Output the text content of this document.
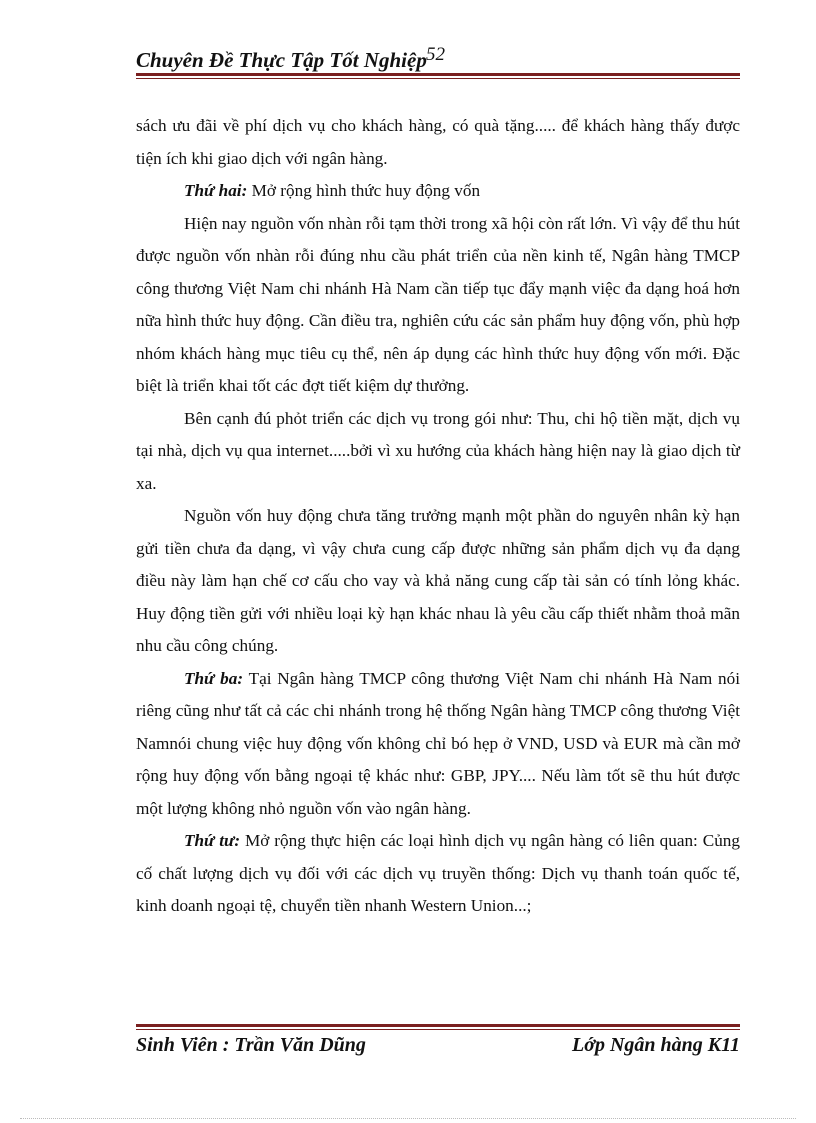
Chuyên Đề Thực Tập Tốt Nghiệp 52

sách ưu đãi về phí dịch vụ cho khách hàng, có quà tặng..... để khách hàng thấy được tiện ích khi giao dịch với ngân hàng.

Thứ hai: Mở rộng hình thức huy động vốn

Hiện nay nguồn vốn nhàn rỗi tạm thời trong xã hội còn rất lớn. Vì vậy để thu hút được nguồn vốn nhàn rỗi đúng nhu cầu phát triển của nền kinh tế, Ngân hàng TMCP công thương Việt Nam chi nhánh Hà Nam cần tiếp tục đẩy mạnh việc đa dạng hoá hơn nữa hình thức huy động. Cần điều tra, nghiên cứu các sản phẩm huy động vốn, phù hợp nhóm khách hàng mục tiêu cụ thể, nên áp dụng các hình thức huy động vốn mới. Đặc biệt là triển khai tốt các đợt tiết kiệm dự thưởng.

Bên cạnh đú phỏt triển các dịch vụ trong gói như: Thu, chi hộ tiền mặt, dịch vụ tại nhà, dịch vụ qua internet.....bởi vì xu hướng của khách hàng hiện nay là giao dịch từ xa.

Nguồn vốn huy động chưa tăng trưởng mạnh một phần do nguyên nhân kỳ hạn gửi tiền chưa đa dạng, vì vậy chưa cung cấp được những sản phẩm dịch vụ đa dạng điều này làm hạn chế cơ cấu cho vay và khả năng cung cấp tài sản có tính lỏng khác. Huy động tiền gửi với nhiều loại kỳ hạn khác nhau là yêu cầu cấp thiết nhằm thoả mãn nhu cầu công chúng.

Thứ ba: Tại Ngân hàng TMCP công thương Việt Nam chi nhánh Hà Nam nói riêng cũng như tất cả các chi nhánh trong hệ thống Ngân hàng TMCP công thương Việt Namnói chung việc huy động vốn không chỉ bó hẹp ở VND, USD và EUR mà cần mở rộng huy động vốn bằng ngoại tệ khác như: GBP, JPY.... Nếu làm tốt sẽ thu hút được một lượng không nhỏ nguồn vốn vào ngân hàng.

Thứ tư: Mở rộng thực hiện các loại hình dịch vụ ngân hàng có liên quan: Củng cố chất lượng dịch vụ đối với các dịch vụ truyền thống: Dịch vụ thanh toán quốc tế, kinh doanh ngoại tệ, chuyển tiền nhanh Western Union...;

Sinh Viên : Trần Văn Dũng	Lớp Ngân hàng K11
